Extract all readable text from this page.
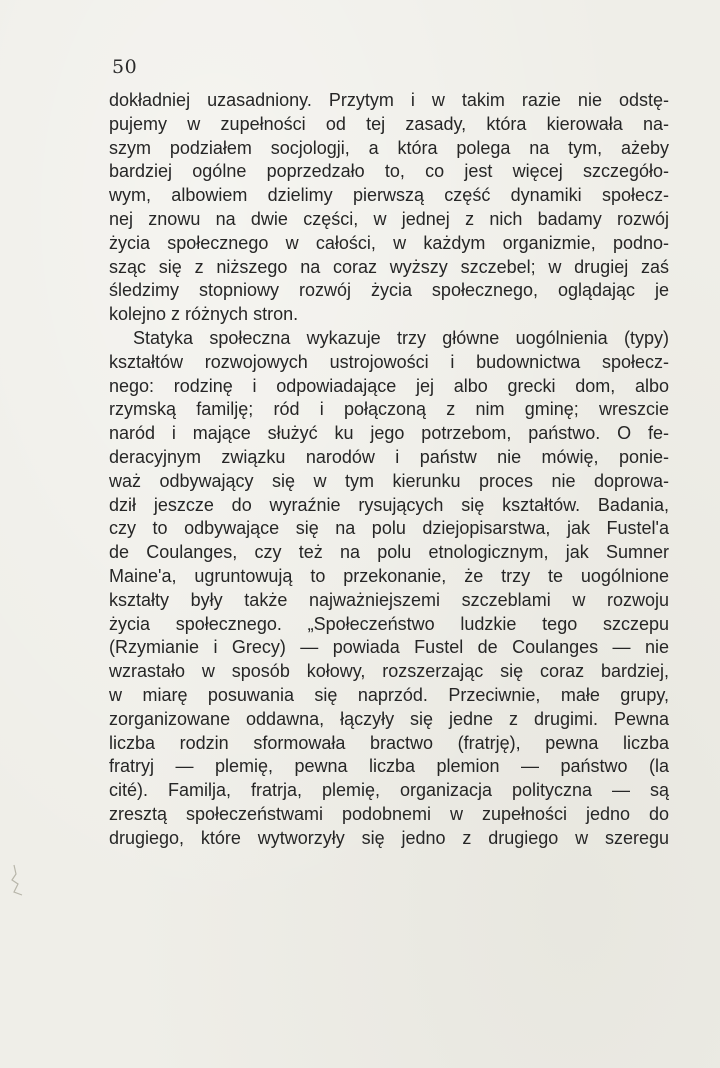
50
dokładniej uzasadniony. Przytym i w takim razie nie odstę-
pujemy w zupełności od tej zasady, która kierowała na-
szym podziałem socjologji, a która polega na tym, ażeby
bardziej ogólne poprzedzało to, co jest więcej szczegóło-
wym, albowiem dzielimy pierwszą część dynamiki społecz-
nej znowu na dwie części, w jednej z nich badamy rozwój
życia społecznego w całości, w każdym organizmie, podno-
sząc się z niższego na coraz wyższy szczebel; w drugiej zaś
śledzimy stopniowy rozwój życia społecznego, oglądając je
kolejno z różnych stron.
Statyka społeczna wykazuje trzy główne uogólnienia (typy)
kształtów rozwojowych ustrojowości i budownictwa społecz-
nego: rodzinę i odpowiadające jej albo grecki dom, albo
rzymską familję; ród i połączoną z nim gminę; wreszcie
naród i mające służyć ku jego potrzebom, państwo. O fe-
deracyjnym związku narodów i państw nie mówię, ponie-
waż odbywający się w tym kierunku proces nie doprowa-
dził jeszcze do wyraźnie rysujących się kształtów. Badania,
czy to odbywające się na polu dziejopisarstwa, jak Fustel'a
de Coulanges, czy też na polu etnologicznym, jak Sumner
Maine'a, ugruntowują to przekonanie, że trzy te uogólnione
kształty były także najważniejszemi szczeblami w rozwoju
życia społecznego. „Społeczeństwo ludzkie tego szczepu
(Rzymianie i Grecy) — powiada Fustel de Coulanges — nie
wzrastało w sposób kołowy, rozszerzając się coraz bardziej,
w miarę posuwania się naprzód. Przeciwnie, małe grupy,
zorganizowane oddawna, łączyły się jedne z drugimi. Pewna
liczba rodzin sformowała bractwo (fratrję), pewna liczba
fratryj — plemię, pewna liczba plemion — państwo (la
cité). Familja, fratrja, plemię, organizacja polityczna — są
zresztą społeczeństwami podobnemi w zupełności jedno do
drugiego, które wytworzyły się jedno z drugiego w szeregu
